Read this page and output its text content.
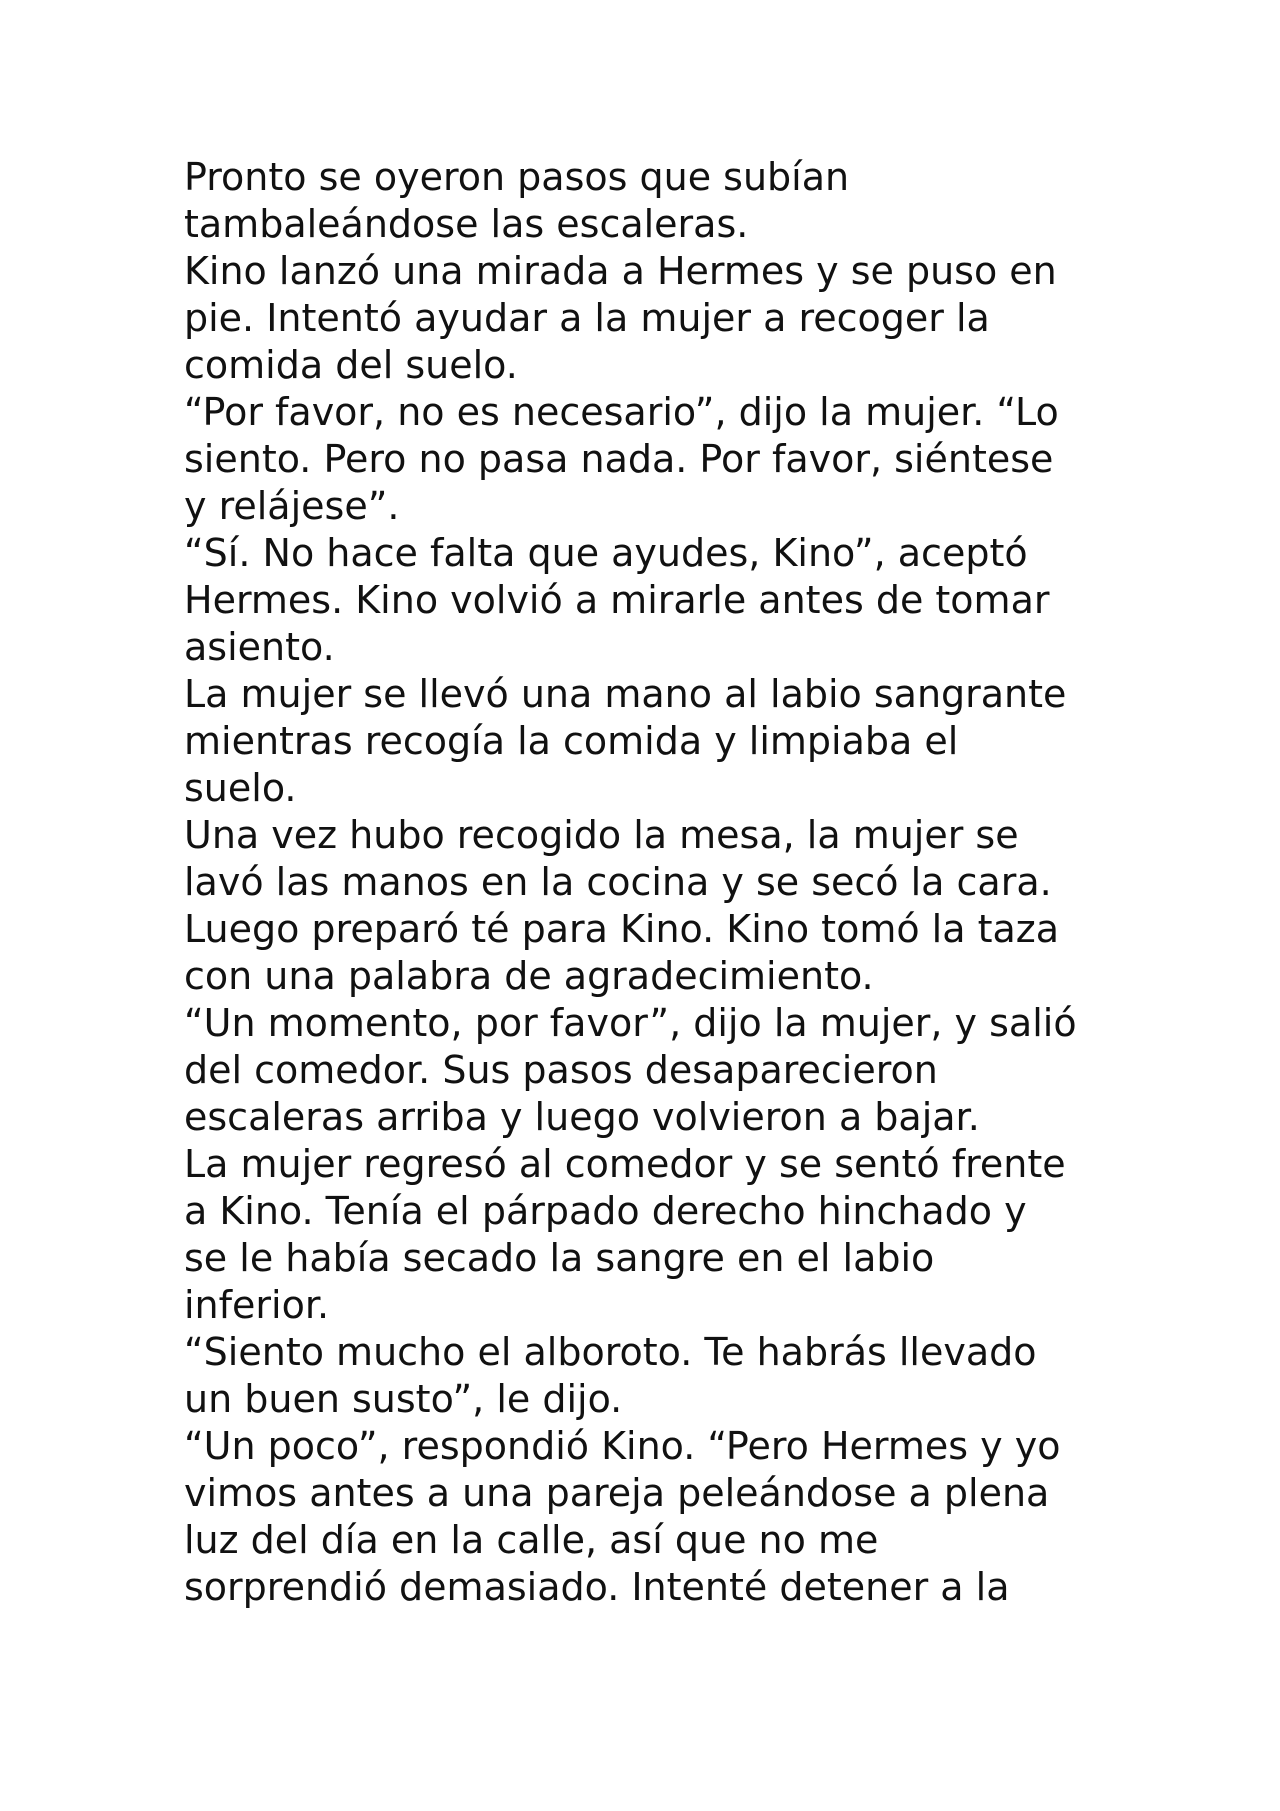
Pronto se oyeron pasos que subían
tambaleándose las escaleras.
Kino lanzó una mirada a Hermes y se puso en
pie. Intentó ayudar a la mujer a recoger la
comida del suelo.
“Por favor, no es necesario”, dijo la mujer. “Lo
siento. Pero no pasa nada. Por favor, siéntese
y relájese”.
“Sí. No hace falta que ayudes, Kino”, aceptó
Hermes. Kino volvió a mirarle antes de tomar
asiento.
La mujer se llevó una mano al labio sangrante
mientras recogía la comida y limpiaba el
suelo.
Una vez hubo recogido la mesa, la mujer se
lavó las manos en la cocina y se secó la cara.
Luego preparó té para Kino. Kino tomó la taza
con una palabra de agradecimiento.
“Un momento, por favor”, dijo la mujer, y salió
del comedor. Sus pasos desaparecieron
escaleras arriba y luego volvieron a bajar.
La mujer regresó al comedor y se sentó frente
a Kino. Tenía el párpado derecho hinchado y
se le había secado la sangre en el labio
inferior.
“Siento mucho el alboroto. Te habrás llevado
un buen susto”, le dijo.
“Un poco”, respondió Kino. “Pero Hermes y yo
vimos antes a una pareja peleándose a plena
luz del día en la calle, así que no me
sorprendió demasiado. Intenté detener a la
